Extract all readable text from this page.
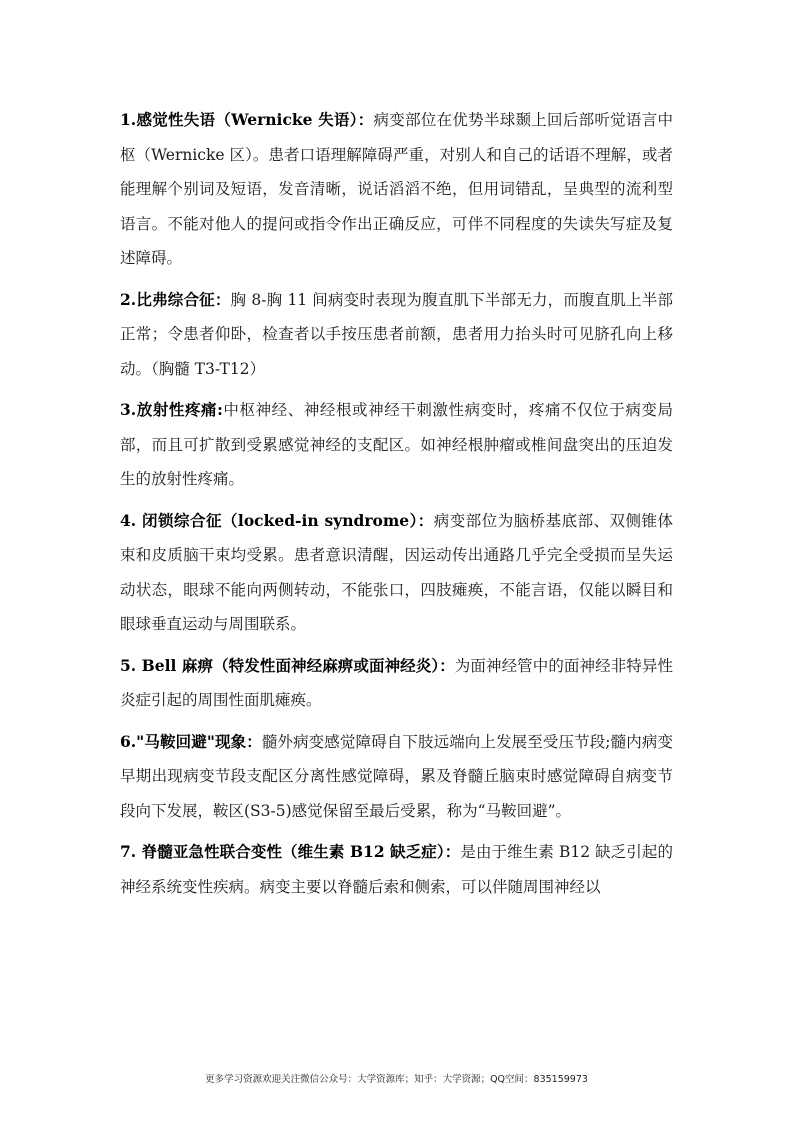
1.感觉性失语（Wernicke 失语）：病变部位在优势半球颞上回后部听觉语言中枢（Wernicke 区）。患者口语理解障碍严重，对别人和自己的话语不理解，或者能理解个别词及短语，发音清晰，说话滔滔不绝，但用词错乱，呈典型的流利型语言。不能对他人的提问或指令作出正确反应，可伴不同程度的失读失写症及复述障碍。

2.比弗综合征：胸 8-胸 11 间病变时表现为腹直肌下半部无力，而腹直肌上半部正常；令患者仰卧，检查者以手按压患者前额，患者用力抬头时可见脐孔向上移动。（胸髓 T3-T12）

3.放射性疼痛:中枢神经、神经根或神经干刺激性病变时，疼痛不仅位于病变局部，而且可扩散到受累感觉神经的支配区。如神经根肿瘤或椎间盘突出的压迫发生的放射性疼痛。

4. 闭锁综合征（locked-in syndrome）：病变部位为脑桥基底部、双侧锥体束和皮质脑干束均受累。患者意识清醒，因运动传出通路几乎完全受损而呈失运动状态，眼球不能向两侧转动，不能张口，四肢瘫痪，不能言语，仅能以瞬目和眼球垂直运动与周围联系。

5. Bell 麻痹（特发性面神经麻痹或面神经炎）：为面神经管中的面神经非特异性炎症引起的周围性面肌瘫痪。

6."马鞍回避"现象：髓外病变感觉障碍自下肢远端向上发展至受压节段;髓内病变早期出现病变节段支配区分离性感觉障碍，累及脊髓丘脑束时感觉障碍自病变节段向下发展，鞍区(S3-5)感觉保留至最后受累，称为“马鞍回避”。

7. 脊髓亚急性联合变性（维生素 B12 缺乏症）：是由于维生素 B12 缺乏引起的神经系统变性疾病。病变主要以脊髓后索和侧索，可以伴随周围神经以

更多学习资源欢迎关注微信公众号：大学资源库；知乎：大学资源；QQ空间：835159973
